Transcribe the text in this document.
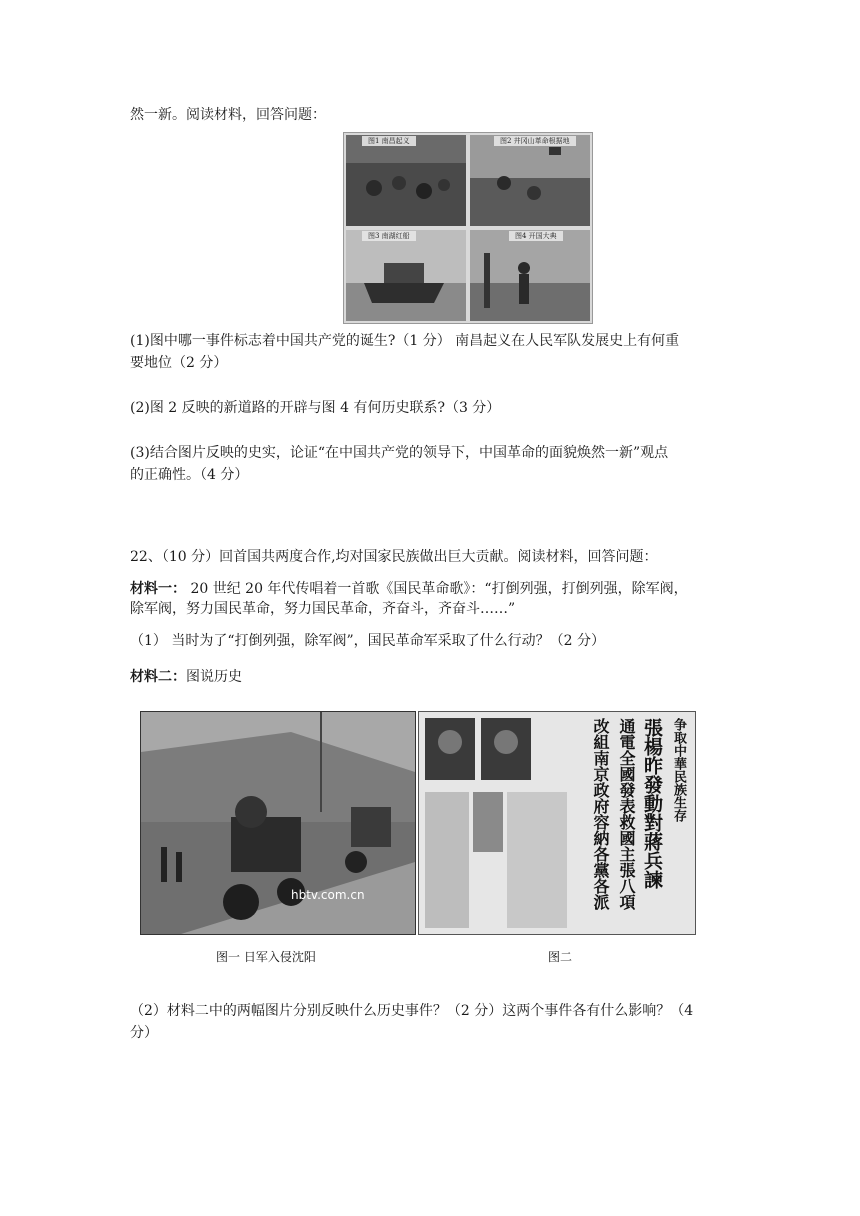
然一新。阅读材料，回答问题：
图1 南昌起义	图2 井冈山革命根据地
图3 南湖红船	图4 开国大典
(1)图中哪一事件标志着中国共产党的诞生?（1 分） 南昌起义在人民军队发展史上有何重
要地位（2 分）
(2)图 2 反映的新道路的开辟与图 4 有何历史联系?（3 分）
(3)结合图片反映的史实，论证“在中国共产党的领导下，中国革命的面貌焕然一新”观点
的正确性。（4 分）
22、（10 分）回首国共两度合作,均对国家民族做出巨大贡献。阅读材料，回答问题：
材料一： 20 世纪 20 年代传唱着一首歌《国民革命歌》：“打倒列强，打倒列强，除军阀，
除军阀，努力国民革命，努力国民革命，齐奋斗，齐奋斗……”
（1） 当时为了“打倒列强，除军阀”，国民革命军采取了什么行动？（2 分）
材料二：图说历史
hbtv.com.cn
图一 日军入侵沈阳
争取中華民族生存
張楊昨發動對蔣兵諫
通電全國發表救國主張八項
改組南京政府容納各黨各派
图二
（2）材料二中的两幅图片分别反映什么历史事件？（2 分）这两个事件各有什么影响？（4
分）
